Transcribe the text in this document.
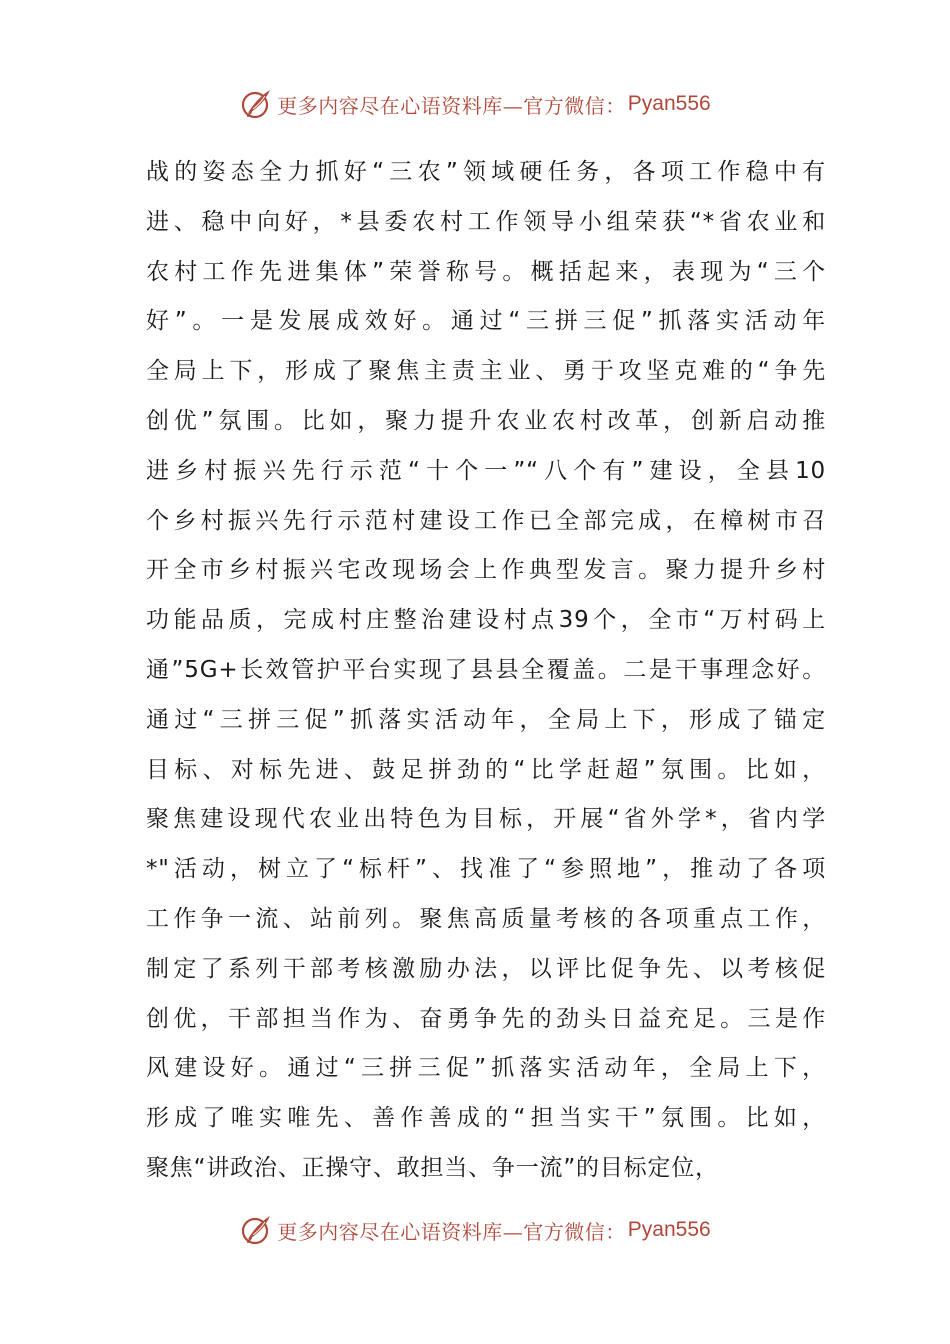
更多内容尽在心语资料库—官方微信： Pyan556
战的姿态全力抓好“三农”领域硬任务，各项工作稳中有
进、稳中向好，*县委农村工作领导小组荣获“*省农业和
农村工作先进集体”荣誉称号。概括起来，表现为“三个
好”。一是发展成效好。通过“三拼三促”抓落实活动年
全局上下，形成了聚焦主责主业、勇于攻坚克难的“争先
创优”氛围。比如，聚力提升农业农村改革，创新启动推
进乡村振兴先行示范“十个一”“八个有”建设，全县10
个乡村振兴先行示范村建设工作已全部完成，在樟树市召
开全市乡村振兴宅改现场会上作典型发言。聚力提升乡村
功能品质，完成村庄整治建设村点39个，全市“万村码上
通”5G+长效管护平台实现了县县全覆盖。二是干事理念好。
通过“三拼三促”抓落实活动年，全局上下，形成了锚定
目标、对标先进、鼓足拼劲的“比学赶超”氛围。比如，
聚焦建设现代农业出特色为目标，开展“省外学*，省内学
*"活动，树立了“标杆”、找准了“参照地”，推动了各项
工作争一流、站前列。聚焦高质量考核的各项重点工作，
制定了系列干部考核激励办法，以评比促争先、以考核促
创优，干部担当作为、奋勇争先的劲头日益充足。三是作
风建设好。通过“三拼三促”抓落实活动年，全局上下，
形成了唯实唯先、善作善成的“担当实干”氛围。比如，
聚焦“讲政治、正操守、敢担当、争一流”的目标定位，
更多内容尽在心语资料库—官方微信： Pyan556
